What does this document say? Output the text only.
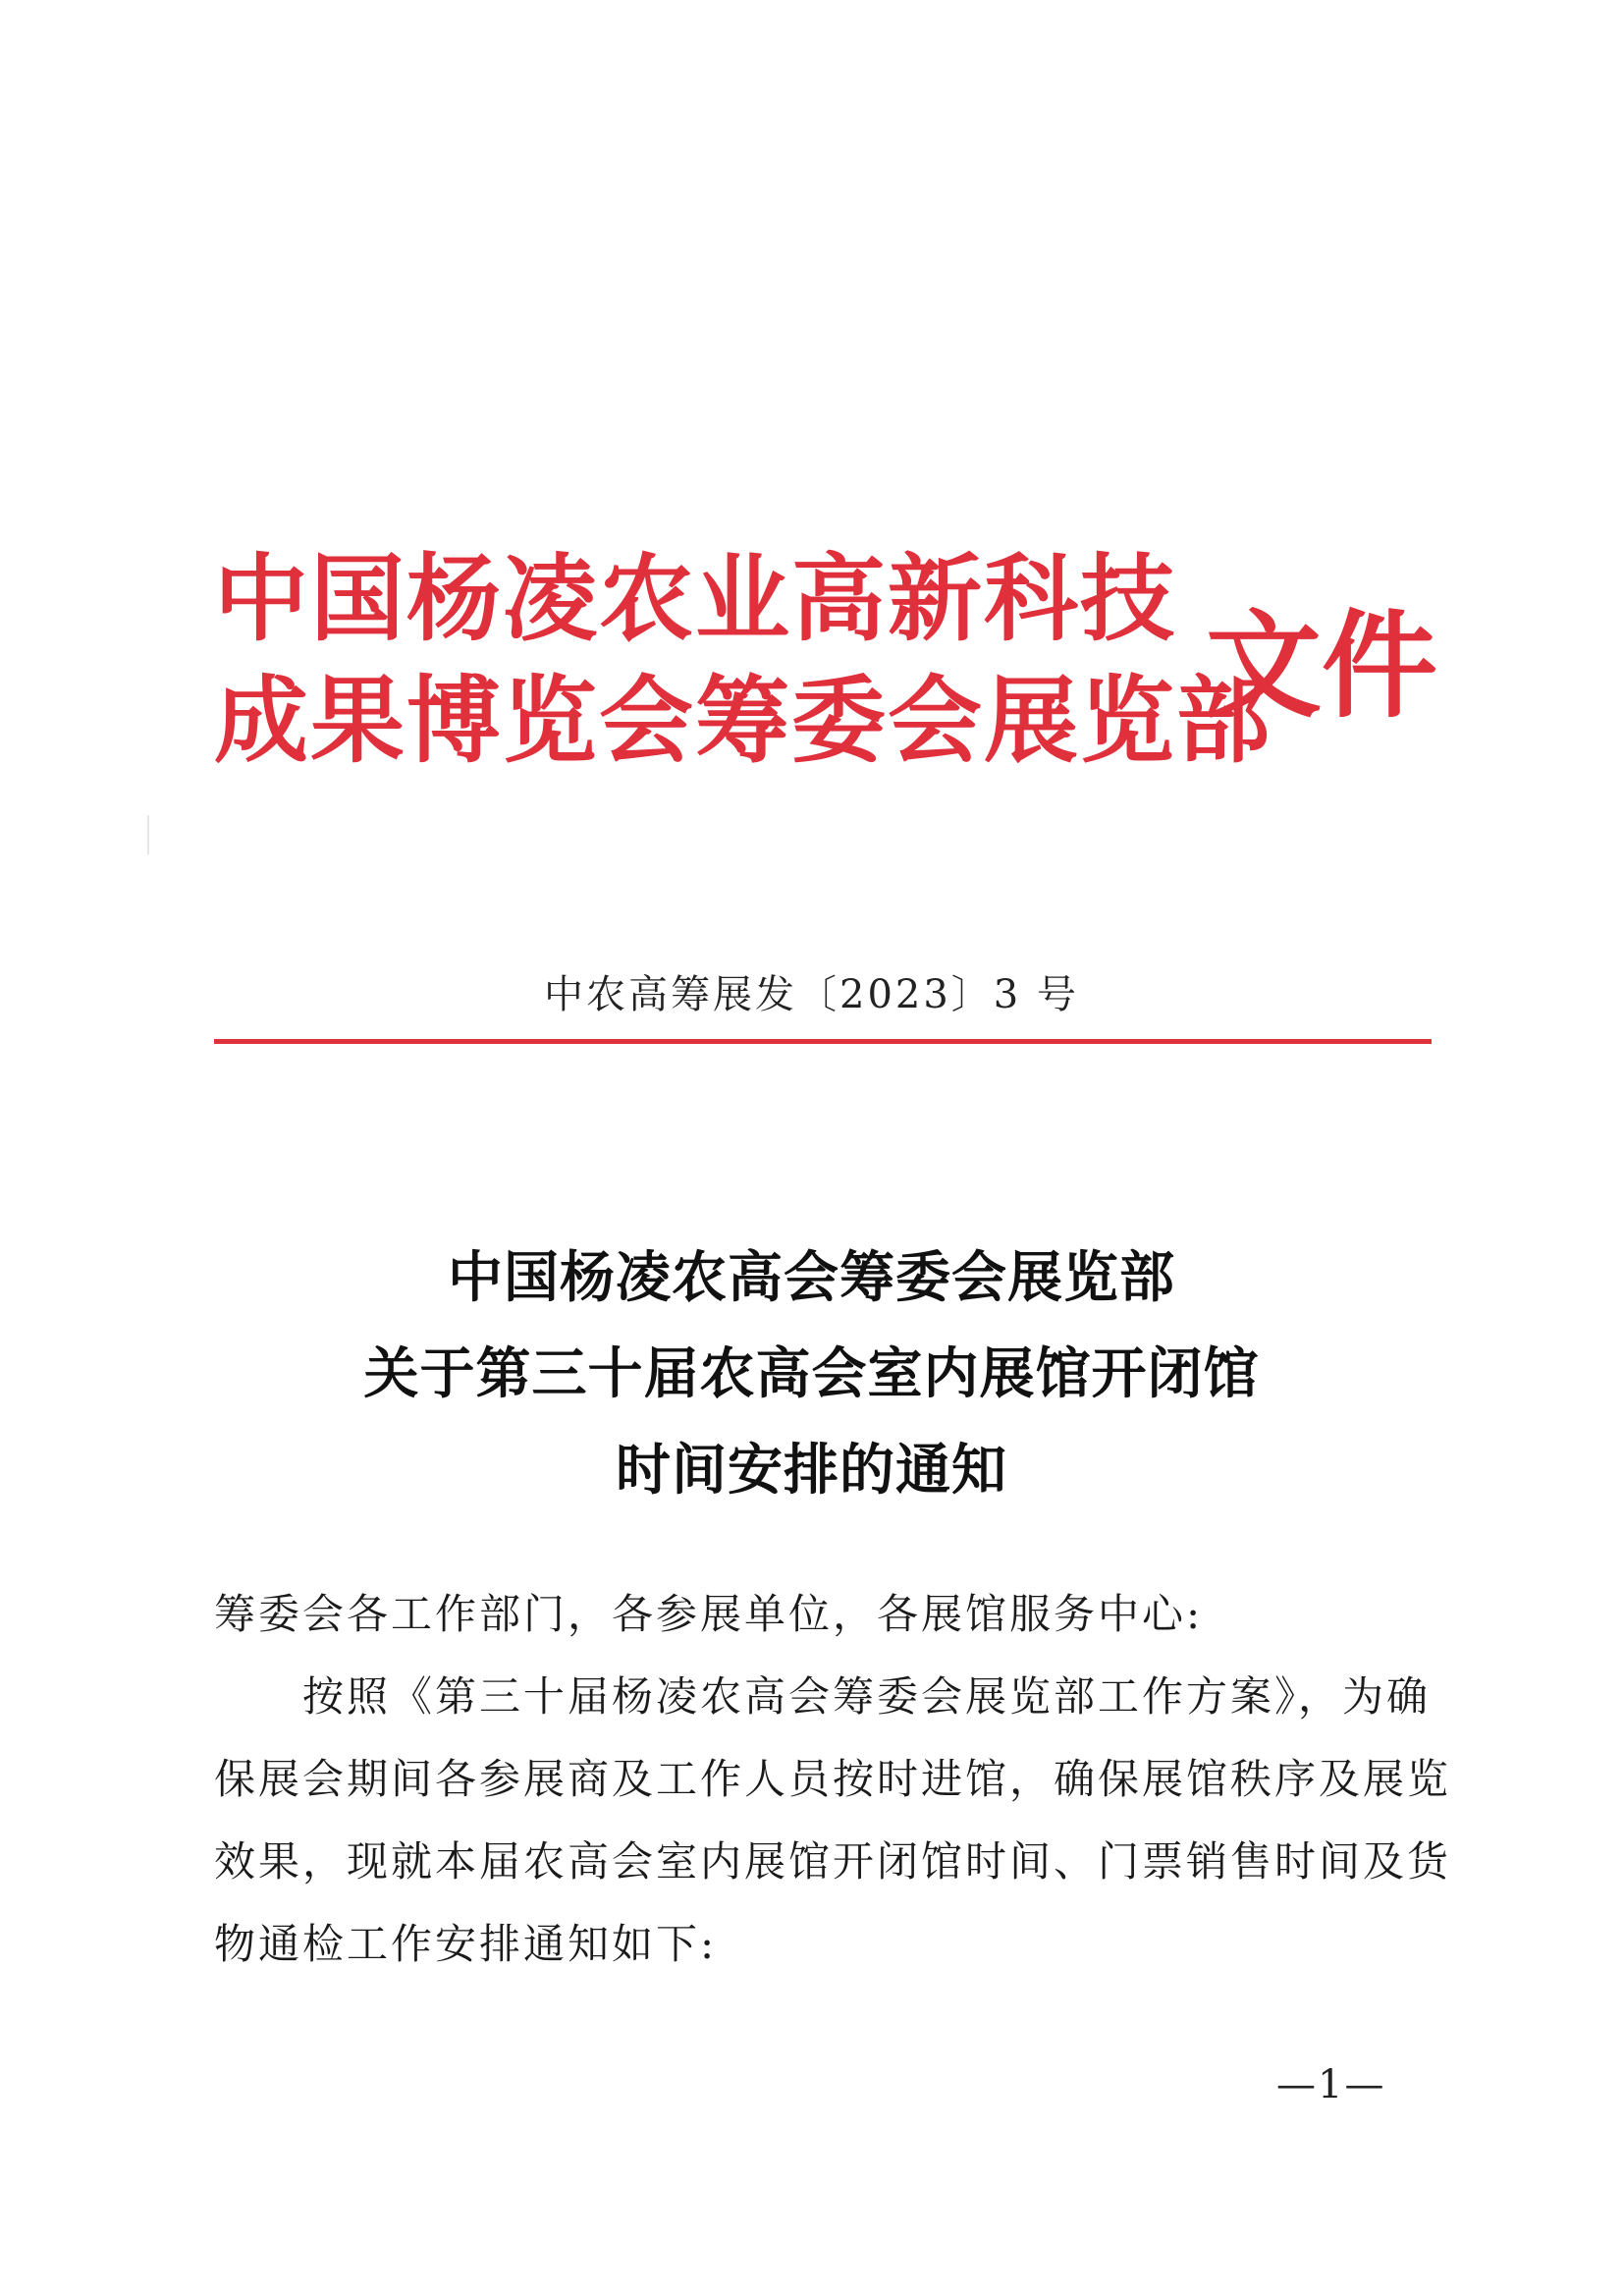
中国杨凌农业高新科技
成果博览会筹委会展览部
文件
中农高筹展发〔2023〕3 号
中国杨凌农高会筹委会展览部
关于第三十届农高会室内展馆开闭馆
时间安排的通知
筹委会各工作部门，各参展单位，各展馆服务中心:
按照《第三十届杨凌农高会筹委会展览部工作方案》，为确
保展会期间各参展商及工作人员按时进馆，确保展馆秩序及展览
效果，现就本届农高会室内展馆开闭馆时间、门票销售时间及货
物通检工作安排通知如下:
—1—
